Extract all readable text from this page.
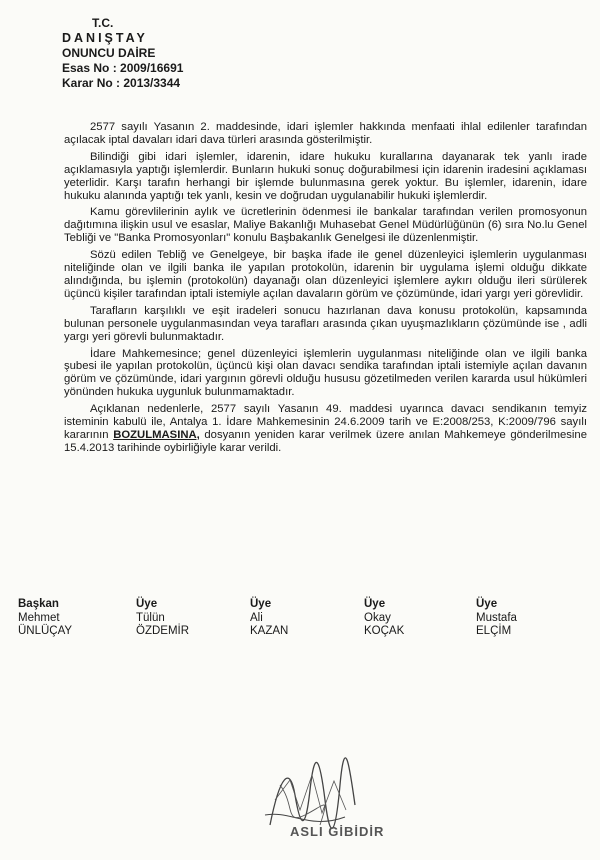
T.C.
DANIŞTAY
ONUNCU DAİRE
Esas No : 2009/16691
Karar No : 2013/3344

2577 sayılı Yasanın 2. maddesinde, idari işlemler hakkında menfaati ihlal edilenler tarafından açılacak iptal davaları idari dava türleri arasında gösterilmiştir.

Bilindiği gibi idari işlemler, idarenin, idare hukuku kurallarına dayanarak tek yanlı irade açıklamasıyla yaptığı işlemlerdir. Bunların hukuki sonuç doğurabilmesi için idarenin iradesini açıklaması yeterlidir. Karşı tarafın herhangi bir işlemde bulunmasına gerek yoktur. Bu işlemler, idarenin, idare hukuku alanında yaptığı tek yanlı, kesin ve doğrudan uygulanabilir hukuki işlemlerdir.

Kamu görevlilerinin aylık ve ücretlerinin ödenmesi ile bankalar tarafından verilen promosyonun dağıtımına ilişkin usul ve esaslar, Maliye Bakanlığı Muhasebat Genel Müdürlüğünün (6) sıra No.lu Genel Tebliği ve "Banka Promosyonları" konulu Başbakanlık Genelgesi ile düzenlenmiştir.

Sözü edilen Tebliğ ve Genelgeye, bir başka ifade ile genel düzenleyici işlemlerin uygulanması niteliğinde olan ve ilgili banka ile yapılan protokolün, idarenin bir uygulama işlemi olduğu dikkate alındığında, bu işlemin (protokolün) dayanağı olan düzenleyici işlemlere aykırı olduğu ileri sürülerek üçüncü kişiler tarafından iptali istemiyle açılan davaların görüm ve çözümünde, idari yargı yeri görevlidir.

Tarafların karşılıklı ve eşit iradeleri sonucu hazırlanan dava konusu protokolün, kapsamında bulunan personele uygulanmasından veya tarafları arasında çıkan uyuşmazlıkların çözümünde ise , adli yargı yeri görevli bulunmaktadır.

İdare Mahkemesince; genel düzenleyici işlemlerin uygulanması niteliğinde olan ve ilgili banka şubesi ile yapılan protokolün, üçüncü kişi olan davacı sendika tarafından iptali istemiyle açılan davanın görüm ve çözümünde, idari yargının görevli olduğu hususu gözetilmeden verilen kararda usul hükümleri yönünden hukuka uygunluk bulunmamaktadır.

Açıklanan nedenlerle, 2577 sayılı Yasanın 49. maddesi uyarınca davacı sendikanın temyiz isteminin kabulü ile, Antalya 1. İdare Mahkemesinin 24.6.2009 tarih ve E:2008/253, K:2009/796 sayılı kararının BOZULMASINA, dosyanın yeniden karar verilmek üzere anılan Mahkemeye gönderilmesine 15.4.2013 tarihinde oybirliğiyle karar verildi.

Başkan
Mehmet
ÜNLÜÇAY
Üye
Tülün
ÖZDEMİR
Üye
Ali
KAZAN
Üye
Okay
KOÇAK
Üye
Mustafa
ELÇİM
ASLI GİBİDİR
